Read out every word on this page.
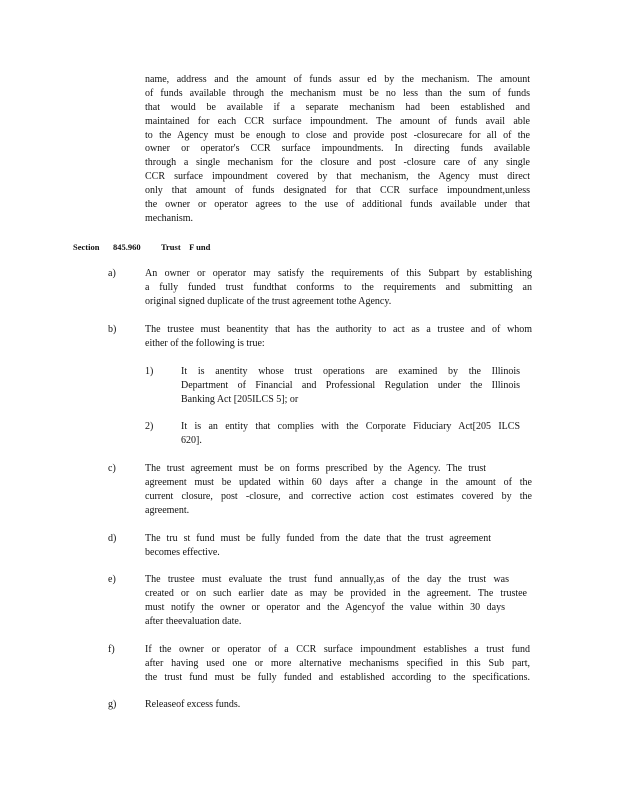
name, address and the amount of funds assur ed by the mechanism. The amount
of funds available through the mechanism must be no less than the sum of funds
that would be available if a separate mechanism had been established and
maintained for each CCR surface impoundment. The amount of funds avail able
to the Agency must be enough to close and provide post -closurecare for all of the
owner or operator's CCR surface impoundments. In directing funds available
through a single mechanism for the closure and post -closure care of any single
CCR surface impoundment covered by that mechanism, the Agency must direct
only that amount of funds designated for that CCR surface impoundment,unless
the owner or operator agrees to the use of additional funds available under that
mechanism.
Section 845.960 Trust    F und
a)	An owner or operator may satisfy the requirements of this Subpart by establishing
a fully funded trust fundthat conforms to the requirements and submitting an
original signed duplicate of the trust agreement tothe Agency.
b)	The trustee must beanentity that has the authority to act as a trustee and of whom
either of the following is true:
1)	It is anentity whose trust operations are examined by the Illinois
Department of Financial and Professional Regulation under the Illinois
Banking Act [205ILCS 5]; or
2)	It is an entity that complies with the Corporate Fiduciary Act[205 ILCS
620].
c)	The trust agreement must be on forms prescribed by the Agency. The trust
agreement must be updated within 60 days after a change in the amount of the
current closure, post -closure, and corrective action cost estimates covered by the
agreement.
d)	The tru st fund must be fully funded from the date that the trust agreement
becomes effective.
e)	The trustee must evaluate the trust fund annually,as of the day the trust was
created or on such earlier date as may be provided in the agreement. The trustee
must notify the owner or operator and the Agencyof the value within 30 days
after theevaluation date.
f)	If the owner or operator of a CCR surface impoundment establishes a trust fund
after having used one or more alternative mechanisms specified in this Sub part,
the trust fund must be fully funded and established according to the specifications.
g)	Releaseof excess funds.
